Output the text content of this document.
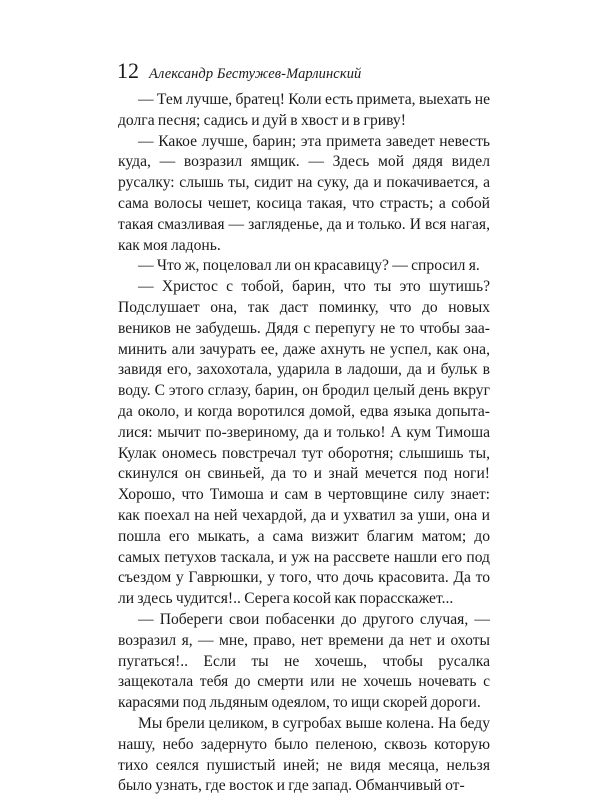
12 Александр Бестужев-Марлинский

— Тем лучше, братец! Коли есть примета, выехать не долга песня; садись и дуй в хвост и в гриву!

— Какое лучше, барин; эта примета заведет невесть куда, — возразил ямщик. — Здесь мой дядя видел русалку: слышь ты, сидит на суку, да и покачивается, а сама волосы чешет, косица такая, что страсть; а собой такая смазливая — загляденье, да и только. И вся нагая, как моя ладонь.

— Что ж, поцеловал ли он красавицу? — спросил я.

— Христос с тобой, барин, что ты это шутишь? Подслушает она, так даст поминку, что до новых веников не забудешь. Дядя с перепугу не то чтобы зааминить али зачурать ее, даже ахнуть не успел, как она, завидя его, захохотала, ударила в ладоши, да и бульк в воду. С этого сглазу, барин, он бродил целый день вкруг да около, и когда воротился домой, едва языка допыталися: мычит по-звериному, да и только! А кум Тимоша Кулак ономесь повстречал тут оборотня; слышишь ты, скинулся он свиньей, да то и знай мечется под ноги! Хорошо, что Тимоша и сам в чертовщине силу знает: как поехал на ней чехардой, да и ухватил за уши, она и пошла его мыкать, а сама визжит благим матом; до самых петухов таскала, и уж на рассвете нашли его под съездом у Гаврюшки, у того, что дочь красовита. Да то ли здесь чудится!.. Серега косой как порасскажет...

— Побереги свои побасенки до другого случая, — возразил я, — мне, право, нет времени да нет и охоты пугаться!.. Если ты не хочешь, чтобы русалка защекотала тебя до смерти или не хочешь ночевать с карасями под льдяным одеялом, то ищи скорей дороги.

Мы брели целиком, в сугробах выше колена. На беду нашу, небо задернуто было пеленою, сквозь которую тихо сеялся пушистый иней; не видя месяца, нельзя было узнать, где восток и где запад. Обманчивый от-
